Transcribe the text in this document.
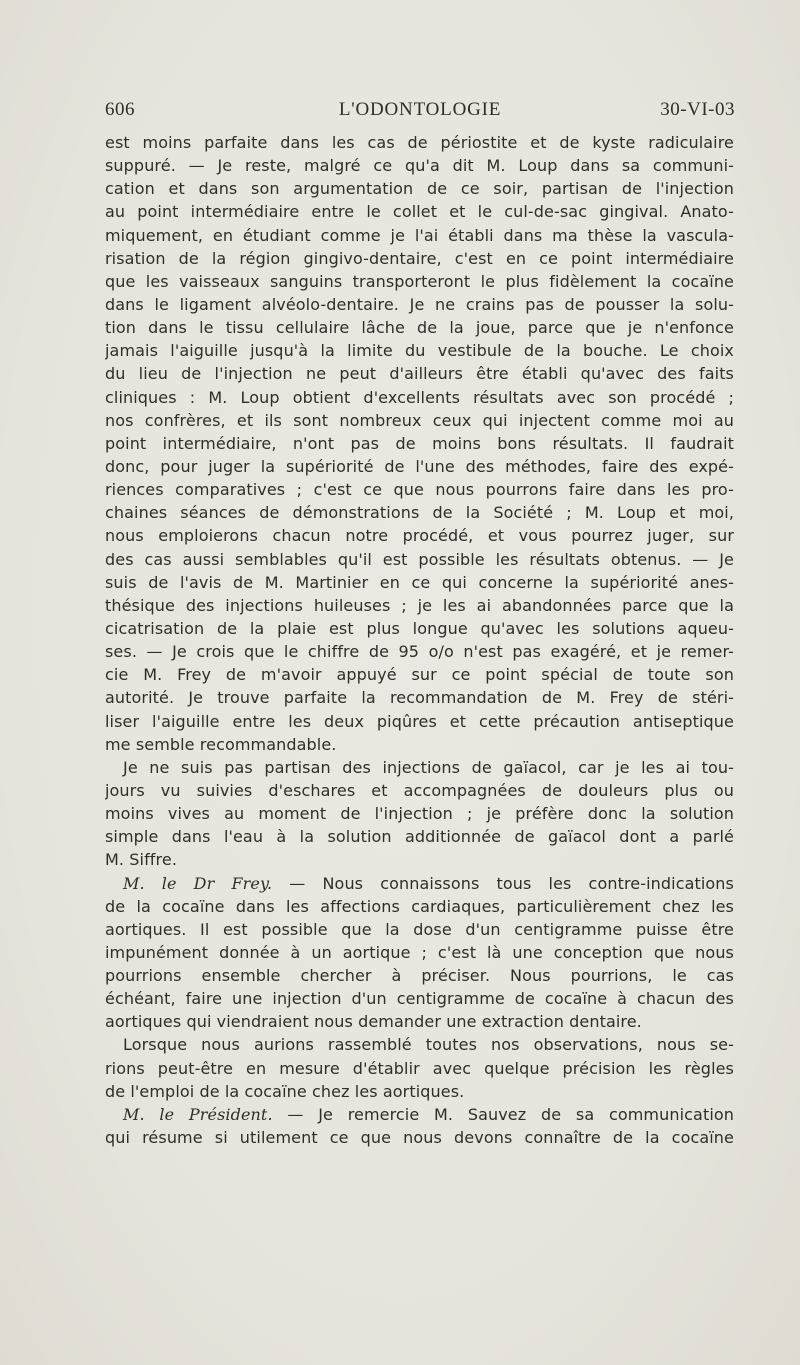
606	L'ODONTOLOGIE	30-VI-03
est moins parfaite dans les cas de périostite et de kyste radiculaire
suppuré. — Je reste, malgré ce qu'a dit M. Loup dans sa communi-
cation et dans son argumentation de ce soir, partisan de l'injection
au point intermédiaire entre le collet et le cul-de-sac gingival. Anato-
miquement, en étudiant comme je l'ai établi dans ma thèse la vascula-
risation de la région gingivo-dentaire, c'est en ce point intermédiaire
que les vaisseaux sanguins transporteront le plus fidèlement la cocaïne
dans le ligament alvéolo-dentaire. Je ne crains pas de pousser la solu-
tion dans le tissu cellulaire lâche de la joue, parce que je n'enfonce
jamais l'aiguille jusqu'à la limite du vestibule de la bouche. Le choix
du lieu de l'injection ne peut d'ailleurs être établi qu'avec des faits
cliniques : M. Loup obtient d'excellents résultats avec son procédé ;
nos confrères, et ils sont nombreux ceux qui injectent comme moi au
point intermédiaire, n'ont pas de moins bons résultats. Il faudrait
donc, pour juger la supériorité de l'une des méthodes, faire des expé-
riences comparatives ; c'est ce que nous pourrons faire dans les pro-
chaines séances de démonstrations de la Société ; M. Loup et moi,
nous emploierons chacun notre procédé, et vous pourrez juger, sur
des cas aussi semblables qu'il est possible les résultats obtenus. — Je
suis de l'avis de M. Martinier en ce qui concerne la supériorité anes-
thésique des injections huileuses ; je les ai abandonnées parce que la
cicatrisation de la plaie est plus longue qu'avec les solutions aqueu-
ses. — Je crois que le chiffre de 95 o/o n'est pas exagéré, et je remer-
cie M. Frey de m'avoir appuyé sur ce point spécial de toute son
autorité. Je trouve parfaite la recommandation de M. Frey de stéri-
liser l'aiguille entre les deux piqûres et cette précaution antiseptique
me semble recommandable.
Je ne suis pas partisan des injections de gaïacol, car je les ai tou-
jours vu suivies d'eschares et accompagnées de douleurs plus ou
moins vives au moment de l'injection ; je préfère donc la solution
simple dans l'eau à la solution additionnée de gaïacol dont a parlé
M. Siffre.
M. le Dr Frey. — Nous connaissons tous les contre-indications
de la cocaïne dans les affections cardiaques, particulièrement chez les
aortiques. Il est possible que la dose d'un centigramme puisse être
impunément donnée à un aortique ; c'est là une conception que nous
pourrions ensemble chercher à préciser. Nous pourrions, le cas
échéant, faire une injection d'un centigramme de cocaïne à chacun des
aortiques qui viendraient nous demander une extraction dentaire.
Lorsque nous aurions rassemblé toutes nos observations, nous se-
rions peut-être en mesure d'établir avec quelque précision les règles
de l'emploi de la cocaïne chez les aortiques.
M. le Président. — Je remercie M. Sauvez de sa communication
qui résume si utilement ce que nous devons connaître de la cocaïne
